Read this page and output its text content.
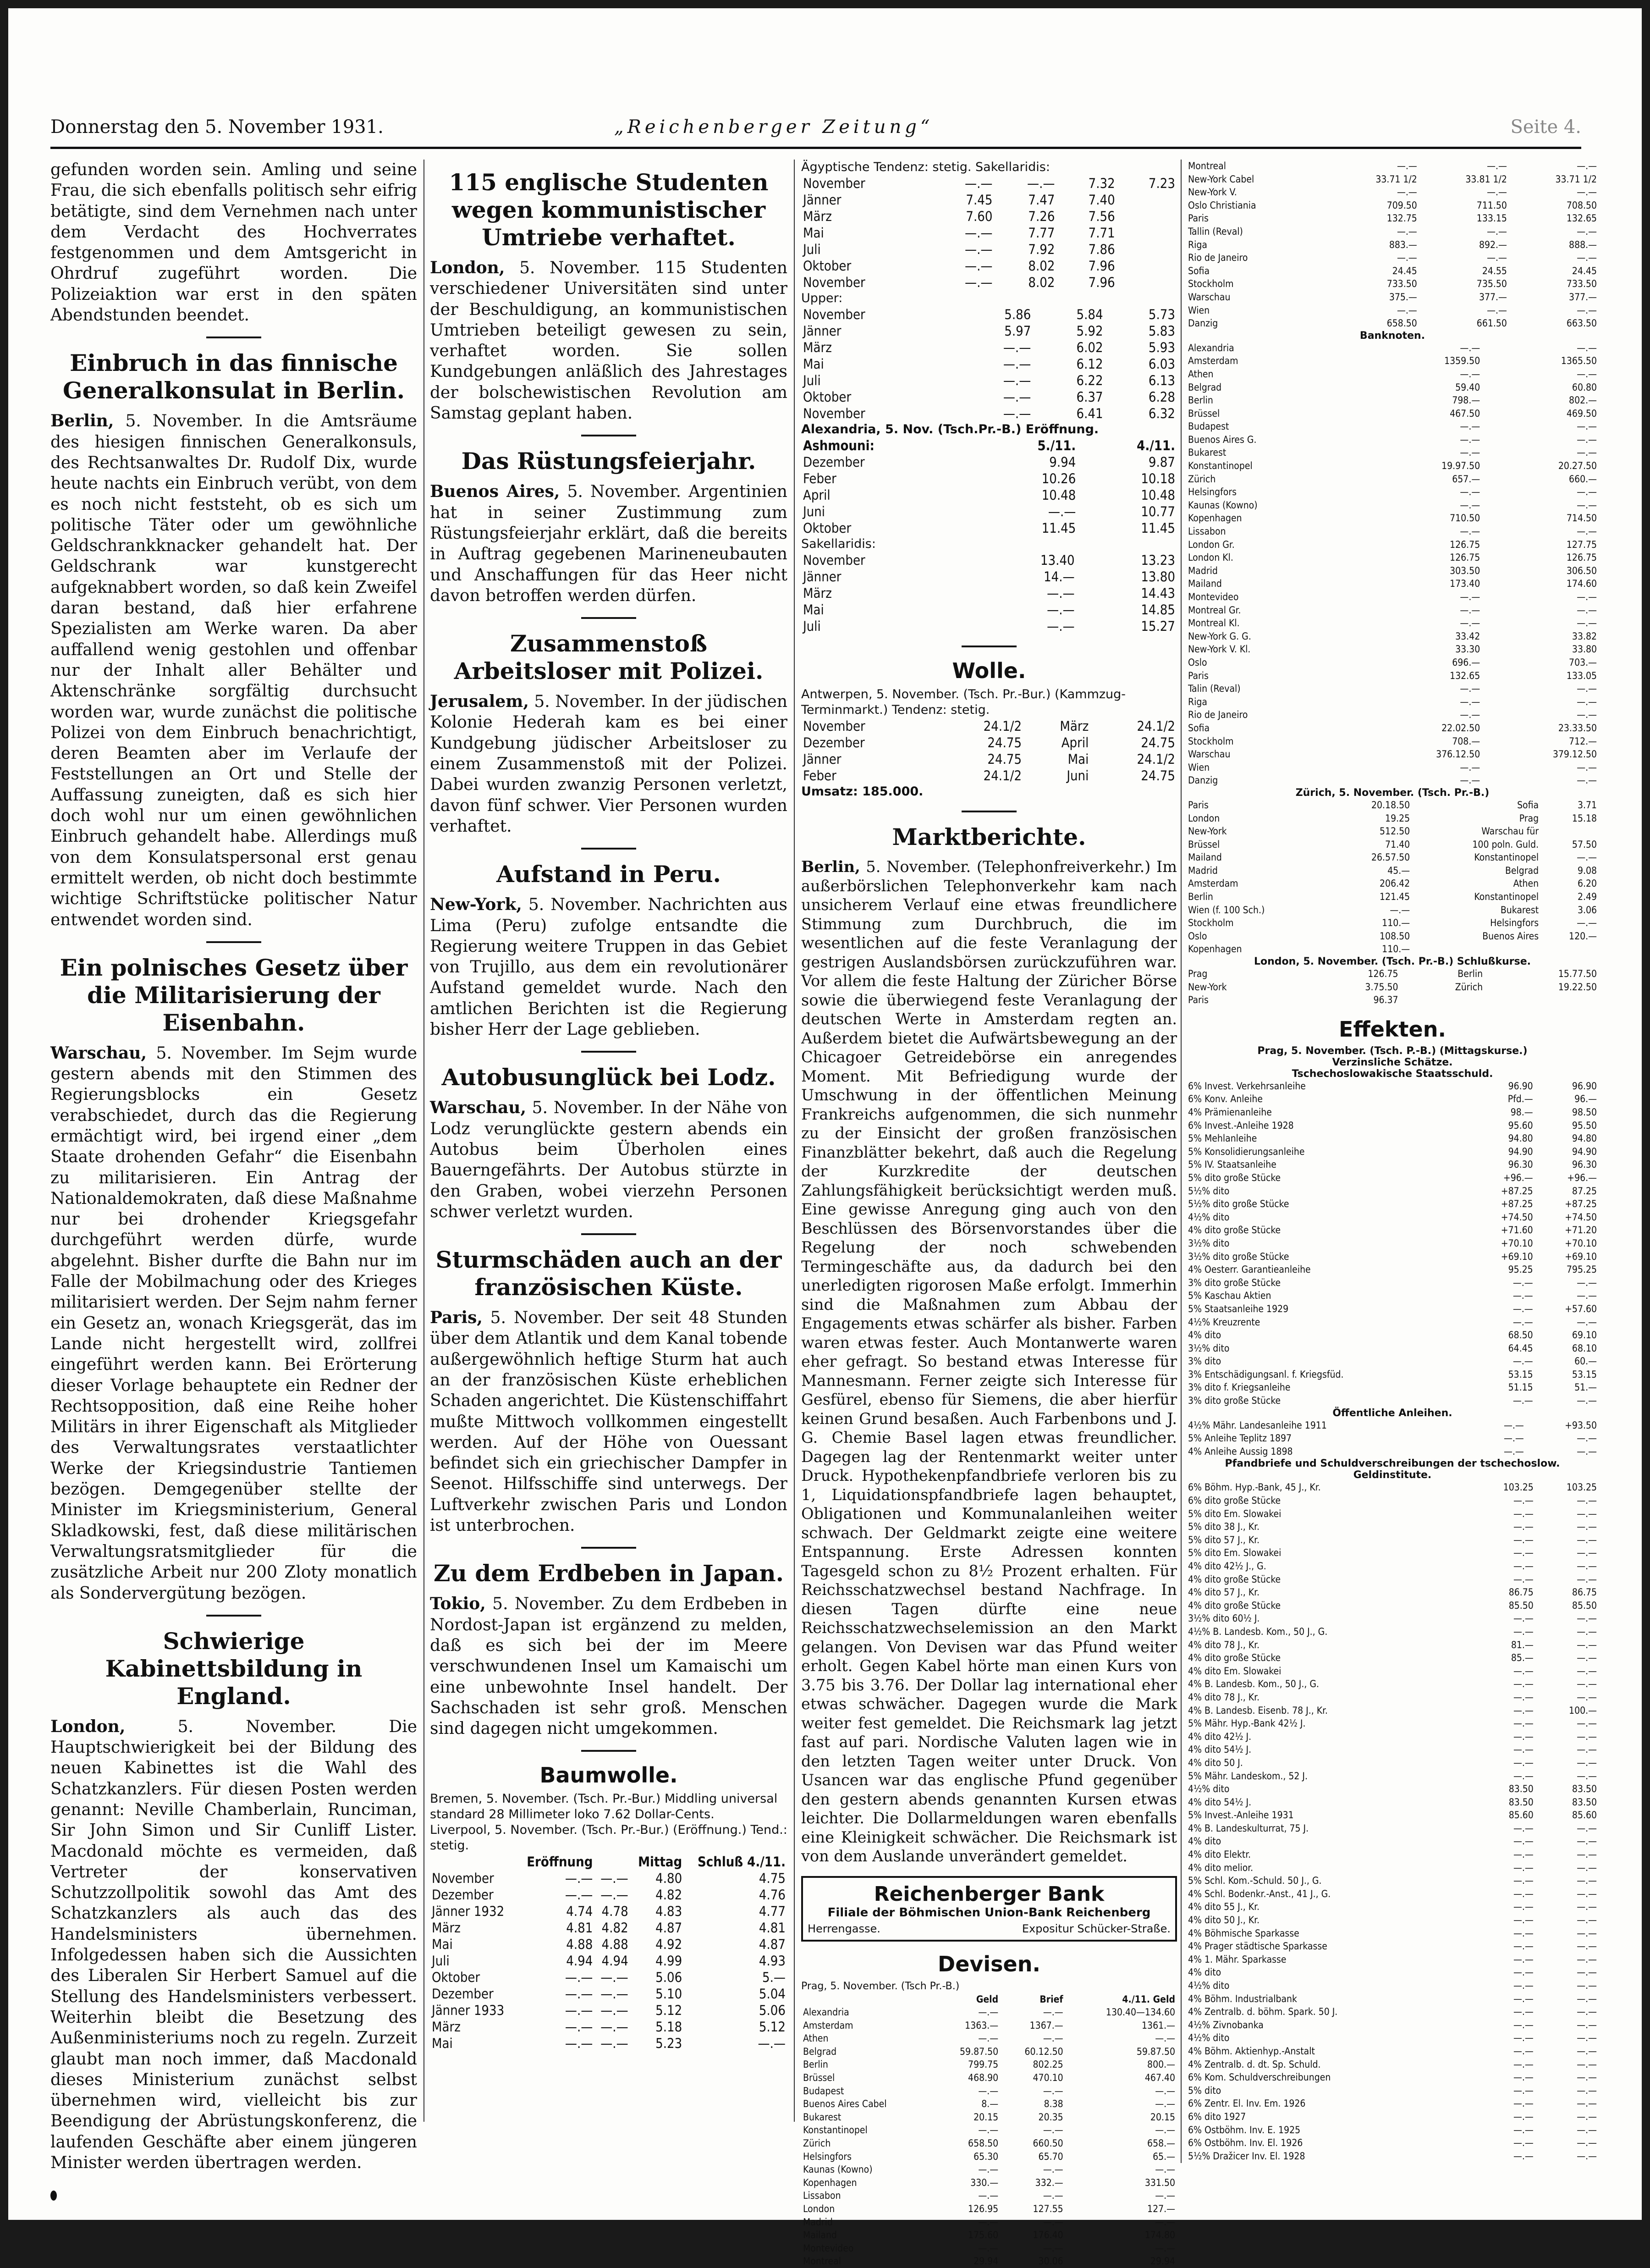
Donnerstag den 5. November 1931.	„Reichenberger Zeitung“	Seite 4.

gefunden worden sein. Amling und seine Frau, die sich ebenfalls politisch sehr eifrig betätigte, sind dem Vernehmen nach unter dem Verdacht des Hochverrates festgenommen und dem Amtsgericht in Ohrdruf zugeführt worden. Die Polizeiaktion war erst in den späten Abendstunden beendet.

Einbruch in das finnische Generalkonsulat in Berlin.

Berlin, 5. November. In die Amtsräume des hiesigen finnischen Generalkonsuls, des Rechtsanwaltes Dr. Rudolf Dix, wurde heute nachts ein Einbruch verübt, von dem es noch nicht feststeht, ob es sich um politische Täter oder um gewöhnliche Geldschrankknacker gehandelt hat. Der Geldschrank war kunstgerecht aufgeknabbert worden, so daß kein Zweifel daran bestand, daß hier erfahrene Spezialisten am Werke waren. Da aber auffallend wenig gestohlen und offenbar nur der Inhalt aller Behälter und Aktenschränke sorgfältig durchsucht worden war, wurde zunächst die politische Polizei von dem Einbruch benachrichtigt, deren Beamten aber im Verlaufe der Feststellungen an Ort und Stelle der Auffassung zuneigten, daß es sich hier doch wohl nur um einen gewöhnlichen Einbruch gehandelt habe. Allerdings muß von dem Konsulatspersonal erst genau ermittelt werden, ob nicht doch bestimmte wichtige Schriftstücke politischer Natur entwendet worden sind.

Ein polnisches Gesetz über die Militarisierung der Eisenbahn.

Warschau, 5. November. Im Sejm wurde gestern abends mit den Stimmen des Regierungsblocks ein Gesetz verabschiedet, durch das die Regierung ermächtigt wird, bei irgend einer „dem Staate drohenden Gefahr“ die Eisenbahn zu militarisieren. Ein Antrag der Nationaldemokraten, daß diese Maßnahme nur bei drohender Kriegsgefahr durchgeführt werden dürfe, wurde abgelehnt. Bisher durfte die Bahn nur im Falle der Mobilmachung oder des Krieges militarisiert werden. Der Sejm nahm ferner ein Gesetz an, wonach Kriegsgerät, das im Lande nicht hergestellt wird, zollfrei eingeführt werden kann. Bei Erörterung dieser Vorlage behauptete ein Redner der Rechtsopposition, daß eine Reihe hoher Militärs in ihrer Eigenschaft als Mitglieder des Verwaltungsrates verstaatlichter Werke der Kriegsindustrie Tantiemen bezögen. Demgegenüber stellte der Minister im Kriegsministerium, General Skladkowski, fest, daß diese militärischen Verwaltungsratsmitglieder für die zusätzliche Arbeit nur 200 Zloty monatlich als Sondervergütung bezögen.

Schwierige Kabinettsbildung in England.

London, 5. November. Die Hauptschwierigkeit bei der Bildung des neuen Kabinettes ist die Wahl des Schatzkanzlers. Für diesen Posten werden genannt: Neville Chamberlain, Runciman, Sir John Simon und Sir Cunliff Lister. Macdonald möchte es vermeiden, daß Vertreter der konservativen Schutzzollpolitik sowohl das Amt des Schatzkanzlers als auch das des Handelsministers übernehmen. Infolgedessen haben sich die Aussichten des Liberalen Sir Herbert Samuel auf die Stellung des Handelsministers verbessert. Weiterhin bleibt die Besetzung des Außenministeriums noch zu regeln. Zurzeit glaubt man noch immer, daß Macdonald dieses Ministerium zunächst selbst übernehmen wird, vielleicht bis zur Beendigung der Abrüstungskonferenz, die laufenden Geschäfte aber einem jüngeren Minister werden übertragen werden.

115 englische Studenten wegen kommunistischer Umtriebe verhaftet.

London, 5. November. 115 Studenten verschiedener Universitäten sind unter der Beschuldigung, an kommunistischen Umtrieben beteiligt gewesen zu sein, verhaftet worden. Sie sollen Kundgebungen anläßlich des Jahrestages der bolschewistischen Revolution am Samstag geplant haben.

Das Rüstungsfeierjahr.

Buenos Aires, 5. November. Argentinien hat in seiner Zustimmung zum Rüstungsfeierjahr erklärt, daß die bereits in Auftrag gegebenen Marineneubauten und Anschaffungen für das Heer nicht davon betroffen werden dürfen.

Zusammenstoß Arbeitsloser mit Polizei.

Jerusalem, 5. November. In der jüdischen Kolonie Hederah kam es bei einer Kundgebung jüdischer Arbeitsloser zu einem Zusammenstoß mit der Polizei. Dabei wurden zwanzig Personen verletzt, davon fünf schwer. Vier Personen wurden verhaftet.

Aufstand in Peru.

New-York, 5. November. Nachrichten aus Lima (Peru) zufolge entsandte die Regierung weitere Truppen in das Gebiet von Trujillo, aus dem ein revolutionärer Aufstand gemeldet wurde. Nach den amtlichen Berichten ist die Regierung bisher Herr der Lage geblieben.

Autobusunglück bei Lodz.

Warschau, 5. November. In der Nähe von Lodz verunglückte gestern abends ein Autobus beim Überholen eines Bauerngefährts. Der Autobus stürzte in den Graben, wobei vierzehn Personen schwer verletzt wurden.

Sturmschäden auch an der französischen Küste.

Paris, 5. November. Der seit 48 Stunden über dem Atlantik und dem Kanal tobende außergewöhnlich heftige Sturm hat auch an der französischen Küste erheblichen Schaden angerichtet. Die Küstenschiffahrt mußte Mittwoch vollkommen eingestellt werden. Auf der Höhe von Ouessant befindet sich ein griechischer Dampfer in Seenot. Hilfsschiffe sind unterwegs. Der Luftverkehr zwischen Paris und London ist unterbrochen.

Zu dem Erdbeben in Japan.

Tokio, 5. November. Zu dem Erdbeben in Nordost-Japan ist ergänzend zu melden, daß es sich bei der im Meere verschwundenen Insel um Kamaischi um eine unbewohnte Insel handelt. Der Sachschaden ist sehr groß. Menschen sind dagegen nicht umgekommen.

Baumwolle.

Bremen, 5. November. (Tsch. Pr.-Bur.) Middling universal standard 28 Millimeter loko 7.62 Dollar-Cents.

Liverpool, 5. November. (Tsch. Pr.-Bur.) (Eröffnung.) Tend.: stetig.

	Eröffnung		Mittag	Schluß 4./11.
November	—.—	—.—	4.80	4.75
Dezember	—.—	—.—	4.82	4.76
Jänner 1932	4.74	4.78	4.83	4.77
März	4.81	4.82	4.87	4.81
Mai	4.88	4.88	4.92	4.87
Juli	4.94	4.94	4.99	4.93
Oktober	—.—	—.—	5.06	5.—
Dezember	—.—	—.—	5.10	5.04
Jänner 1933	—.—	—.—	5.12	5.06
März	—.—	—.—	5.18	5.12
Mai	—.—	—.—	5.23	—.—

Ägyptische Tendenz: stetig. Sakellaridis:

November	—.—	—.—	7.32	7.23
Jänner	7.45	7.47	7.40	
März	7.60	7.26	7.56	
Mai	—.—	7.77	7.71	
Juli	—.—	7.92	7.86	
Oktober	—.—	8.02	7.96	
November	—.—	8.02	7.96	

Upper:

November	5.86	5.84	5.73
Jänner	5.97	5.92	5.83
März	—.—	6.02	5.93
Mai	—.—	6.12	6.03
Juli	—.—	6.22	6.13
Oktober	—.—	6.37	6.28
November	—.—	6.41	6.32

Alexandria, 5. Nov. (Tsch.Pr.-B.) Eröffnung.

Ashmouni:	5./11.	4./11.
Dezember	9.94	9.87
Feber	10.26	10.18
April	10.48	10.48
Juni	—.—	10.77
Oktober	11.45	11.45

Sakellaridis:

November	13.40	13.23
Jänner	14.—	13.80
März	—.—	14.43
Mai	—.—	14.85
Juli	—.—	15.27
Wolle.

Antwerpen, 5. November. (Tsch. Pr.-Bur.) (Kammzug-Terminmarkt.) Tendenz: stetig.

November	24.1/2	März	24.1/2
Dezember	24.75	April	24.75
Jänner	24.75	Mai	24.1/2
Feber	24.1/2	Juni	24.75

Umsatz: 185.000.

Marktberichte.

Berlin, 5. November. (Telephonfreiverkehr.) Im außerbörslichen Telephonverkehr kam nach unsicherem Verlauf eine etwas freundlichere Stimmung zum Durchbruch, die im wesentlichen auf die feste Veranlagung der gestrigen Auslandsbörsen zurückzuführen war. Vor allem die feste Haltung der Züricher Börse sowie die überwiegend feste Veranlagung der deutschen Werte in Amsterdam regten an. Außerdem bietet die Aufwärtsbewegung an der Chicagoer Getreidebörse ein anregendes Moment. Mit Befriedigung wurde der Umschwung in der öffentlichen Meinung Frankreichs aufgenommen, die sich nunmehr zu der Einsicht der großen französischen Finanzblätter bekehrt, daß auch die Regelung der Kurzkredite der deutschen Zahlungsfähigkeit berücksichtigt werden muß. Eine gewisse Anregung ging auch von den Beschlüssen des Börsenvorstandes über die Regelung der noch schwebenden Termingeschäfte aus, da dadurch bei den unerledigten rigorosen Maße erfolgt. Immerhin sind die Maßnahmen zum Abbau der Engagements etwas schärfer als bisher. Farben waren etwas fester. Auch Montanwerte waren eher gefragt. So bestand etwas Interesse für Mannesmann. Ferner zeigte sich Interesse für Gesfürel, ebenso für Siemens, die aber hierfür keinen Grund besaßen. Auch Farbenbons und J. G. Chemie Basel lagen etwas freundlicher. Dagegen lag der Rentenmarkt weiter unter Druck. Hypothekenpfandbriefe verloren bis zu 1, Liquidationspfandbriefe lagen behauptet, Obligationen und Kommunalanleihen weiter schwach. Der Geldmarkt zeigte eine weitere Entspannung. Erste Adressen konnten Tagesgeld schon zu 8½ Prozent erhalten. Für Reichsschatzwechsel bestand Nachfrage. In diesen Tagen dürfte eine neue Reichsschatzwechselemission an den Markt gelangen. Von Devisen war das Pfund weiter erholt. Gegen Kabel hörte man einen Kurs von 3.75 bis 3.76. Der Dollar lag international eher etwas schwächer. Dagegen wurde die Mark weiter fest gemeldet. Die Reichsmark lag jetzt fast auf pari. Nordische Valuten lagen wie in den letzten Tagen weiter unter Druck. Von Usancen war das englische Pfund gegenüber den gestern abends genannten Kursen etwas leichter. Die Dollarmeldungen waren ebenfalls eine Kleinigkeit schwächer. Die Reichsmark ist von dem Auslande unverändert gemeldet.

Reichenberger Bank
Filiale der Böhmischen Union-Bank Reichenberg
Herrengasse.	Expositur Schücker-Straße.
Devisen.

Prag, 5. November. (Tsch Pr.-B.)

	Geld	Brief	4./11. Geld
Alexandria	—.—	—.—	130.40—134.60
Amsterdam	1363.—	1367.—	1361.—
Athen	—.—	—.—	—.—
Belgrad	59.87.50	60.12.50	59.87.50
Berlin	799.75	802.25	800.—
Brüssel	468.90	470.10	467.40
Budapest	—.—	—.—	—.—
Buenos Aires Cabel	8.—	8.38	—.—
Bukarest	20.15	20.35	20.15
Konstantinopel	—.—	—.—	—.—
Zürich	658.50	660.50	658.—
Helsingfors	65.30	65.70	65.—
Kaunas (Kowno)	—.—	—.—	—.—
Kopenhagen	330.—	332.—	331.50
Lissabon	—.—	—.—	—.—
London	126.95	127.55	127.—
Madrid	—.—	—.—	—.—
Mailand	175.60	176.40	174.80
Montevideo	—.—	—.—	—.—
Montreal	29.94	30.06	29.94
Montreal	—.—	—.—	—.—
New-York Cabel	33.71 1/2	33.81 1/2	33.71 1/2
New-York V.	—.—	—.—	—.—
Oslo Christiania	709.50	711.50	708.50
Paris	132.75	133.15	132.65
Tallin (Reval)	—.—	—.—	—.—
Riga	883.—	892.—	888.—
Rio de Janeiro	—.—	—.—	—.—
Sofia	24.45	24.55	24.45
Stockholm	733.50	735.50	733.50
Warschau	375.—	377.—	377.—
Wien	—.—	—.—	—.—
Danzig	658.50	661.50	663.50
Banknoten.
Alexandria	—.—	—.—
Amsterdam	1359.50	1365.50
Athen	—.—	—.—
Belgrad	59.40	60.80
Berlin	798.—	802.—
Brüssel	467.50	469.50
Budapest	—.—	—.—
Buenos Aires G.	—.—	—.—
Bukarest	—.—	—.—
Konstantinopel	19.97.50	20.27.50
Zürich	657.—	660.—
Helsingfors	—.—	—.—
Kaunas (Kowno)	—.—	—.—
Kopenhagen	710.50	714.50
Lissabon	—.—	—.—
London Gr.	126.75	127.75
London Kl.	126.75	126.75
Madrid	303.50	306.50
Mailand	173.40	174.60
Montevideo	—.—	—.—
Montreal Gr.	—.—	—.—
Montreal Kl.	—.—	—.—
New-York G. G.	33.42	33.82
New-York V. Kl.	33.30	33.80
Oslo	696.—	703.—
Paris	132.65	133.05
Talin (Reval)	—.—	—.—
Riga	—.—	—.—
Rio de Janeiro	—.—	—.—
Sofia	22.02.50	23.33.50
Stockholm	708.—	712.—
Warschau	376.12.50	379.12.50
Wien	—.—	—.—
Danzig	—.—	—.—
Zürich, 5. November. (Tsch. Pr.-B.)
Paris	20.18.50	Sofia	3.71
London	19.25	Prag	15.18
New-York	512.50	Warschau für	
Brüssel	71.40	100 poln. Guld.	57.50
Mailand	26.57.50	Konstantinopel	—.—
Madrid	45.—	Belgrad	9.08
Amsterdam	206.42	Athen	6.20
Berlin	121.45	Konstantinopel	2.49
Wien (f. 100 Sch.)	—.—	Bukarest	3.06
Stockholm	110.—	Helsingfors	—.—
Oslo	108.50	Buenos Aires	120.—
Kopenhagen	110.—		
London, 5. November. (Tsch. Pr.-B.) Schlußkurse.
Prag	126.75	Berlin	15.77.50
New-York	3.75.50	Zürich	19.22.50
Paris	96.37		
Effekten.
Prag, 5. November. (Tsch. P.-B.) (Mittagskurse.)
Verzinsliche Schätze.
Tschechoslowakische Staatsschuld.
6% Invest. Verkehrsanleihe	96.90	96.90
6% Konv. Anleihe	Pfd.—	96.—
4% Prämienanleihe	98.—	98.50
6% Invest.-Anleihe 1928	95.60	95.50
5% Mehlanleihe	94.80	94.80
5% Konsolidierungsanleihe	94.90	94.90
5% IV. Staatsanleihe	96.30	96.30
5% dito große Stücke	+96.—	+96.—
5½% dito	+87.25	87.25
5½% dito große Stücke	+87.25	+87.25
4½% dito	+74.50	+74.50
4% dito große Stücke	+71.60	+71.20
3½% dito	+70.10	+70.10
3½% dito große Stücke	+69.10	+69.10
4% Oesterr. Garantieanleihe	95.25	795.25
3% dito große Stücke	—.—	—.—
5% Kaschau Aktien	—.—	—.—
5% Staatsanleihe 1929	—.—	+57.60
4½% Kreuzrente	—.—	—.—
4% dito	68.50	69.10
3½% dito	64.45	68.10
3% dito	—.—	60.—
3% Entschädigungsanl. f. Kriegsfüd.	53.15	53.15
3% dito f. Kriegsanleihe	51.15	51.—
3% dito große Stücke	—.—	—.—
Öffentliche Anleihen.
4½% Mähr. Landesanleihe 1911	—.—	+93.50
5% Anleihe Teplitz 1897	—.—	—.—
4% Anleihe Aussig 1898	—.—	—.—
Pfandbriefe und Schuldverschreibungen der tschechoslow. Geldinstitute.
6% Böhm. Hyp.-Bank, 45 J., Kr.	103.25	103.25
6% dito große Stücke	—.—	—.—
5% dito Em. Slowakei	—.—	—.—
5% dito 38 J., Kr.	—.—	—.—
5% dito 57 J., Kr.	—.—	—.—
5% dito Em. Slowakei	—.—	—.—
4% dito 42½ J., G.	—.—	—.—
4% dito große Stücke	—.—	—.—
4% dito 57 J., Kr.	86.75	86.75
4% dito große Stücke	85.50	85.50
3½% dito 60½ J.	—.—	—.—
4½% B. Landesb. Kom., 50 J., G.	—.—	—.—
4% dito 78 J., Kr.	81.—	—.—
4% dito große Stücke	85.—	—.—
4% dito Em. Slowakei	—.—	—.—
4% B. Landesb. Kom., 50 J., G.	—.—	—.—
4% dito 78 J., Kr.	—.—	—.—
4% B. Landesb. Eisenb. 78 J., Kr.	—.—	100.—
5% Mähr. Hyp.-Bank 42½ J.	—.—	—.—
4% dito 42½ J.	—.—	—.—
4% dito 54½ J.	—.—	—.—
4% dito 50 J.	—.—	—.—
5% Mähr. Landeskom., 52 J.	—.—	—.—
4½% dito	83.50	83.50
4% dito 54½ J.	83.50	83.50
5% Invest.-Anleihe 1931	85.60	85.60
4% B. Landeskulturrat, 75 J.	—.—	—.—
4% dito	—.—	—.—
4% dito Elektr.	—.—	—.—
4% dito melior.	—.—	—.—
5% Schl. Kom.-Schuld. 50 J., G.	—.—	—.—
4% Schl. Bodenkr.-Anst., 41 J., G.	—.—	—.—
4% dito 55 J., Kr.	—.—	—.—
4% dito 50 J., Kr.	—.—	—.—
4% Böhmische Sparkasse	—.—	—.—
4% Prager städtische Sparkasse	—.—	—.—
4% 1. Mähr. Sparkasse	—.—	—.—
4% dito	—.—	—.—
4½% dito	—.—	—.—
4% Böhm. Industrialbank	—.—	—.—
4% Zentralb. d. böhm. Spark. 50 J.	—.—	—.—
4½% Zivnobanka	—.—	—.—
4½% dito	—.—	—.—
4% Böhm. Aktienhyp.-Anstalt	—.—	—.—
4% Zentralb. d. dt. Sp. Schuld.	—.—	—.—
6% Kom. Schuldverschreibungen	—.—	—.—
5% dito	—.—	—.—
6% Zentr. El. Inv. Em. 1926	—.—	—.—
6% dito 1927	—.—	—.—
6% Ostböhm. Inv. E. 1925	—.—	—.—
6% Ostböhm. Inv. El. 1926	—.—	—.—
5½% Dražicer Inv. El. 1928	—.—	—.—
